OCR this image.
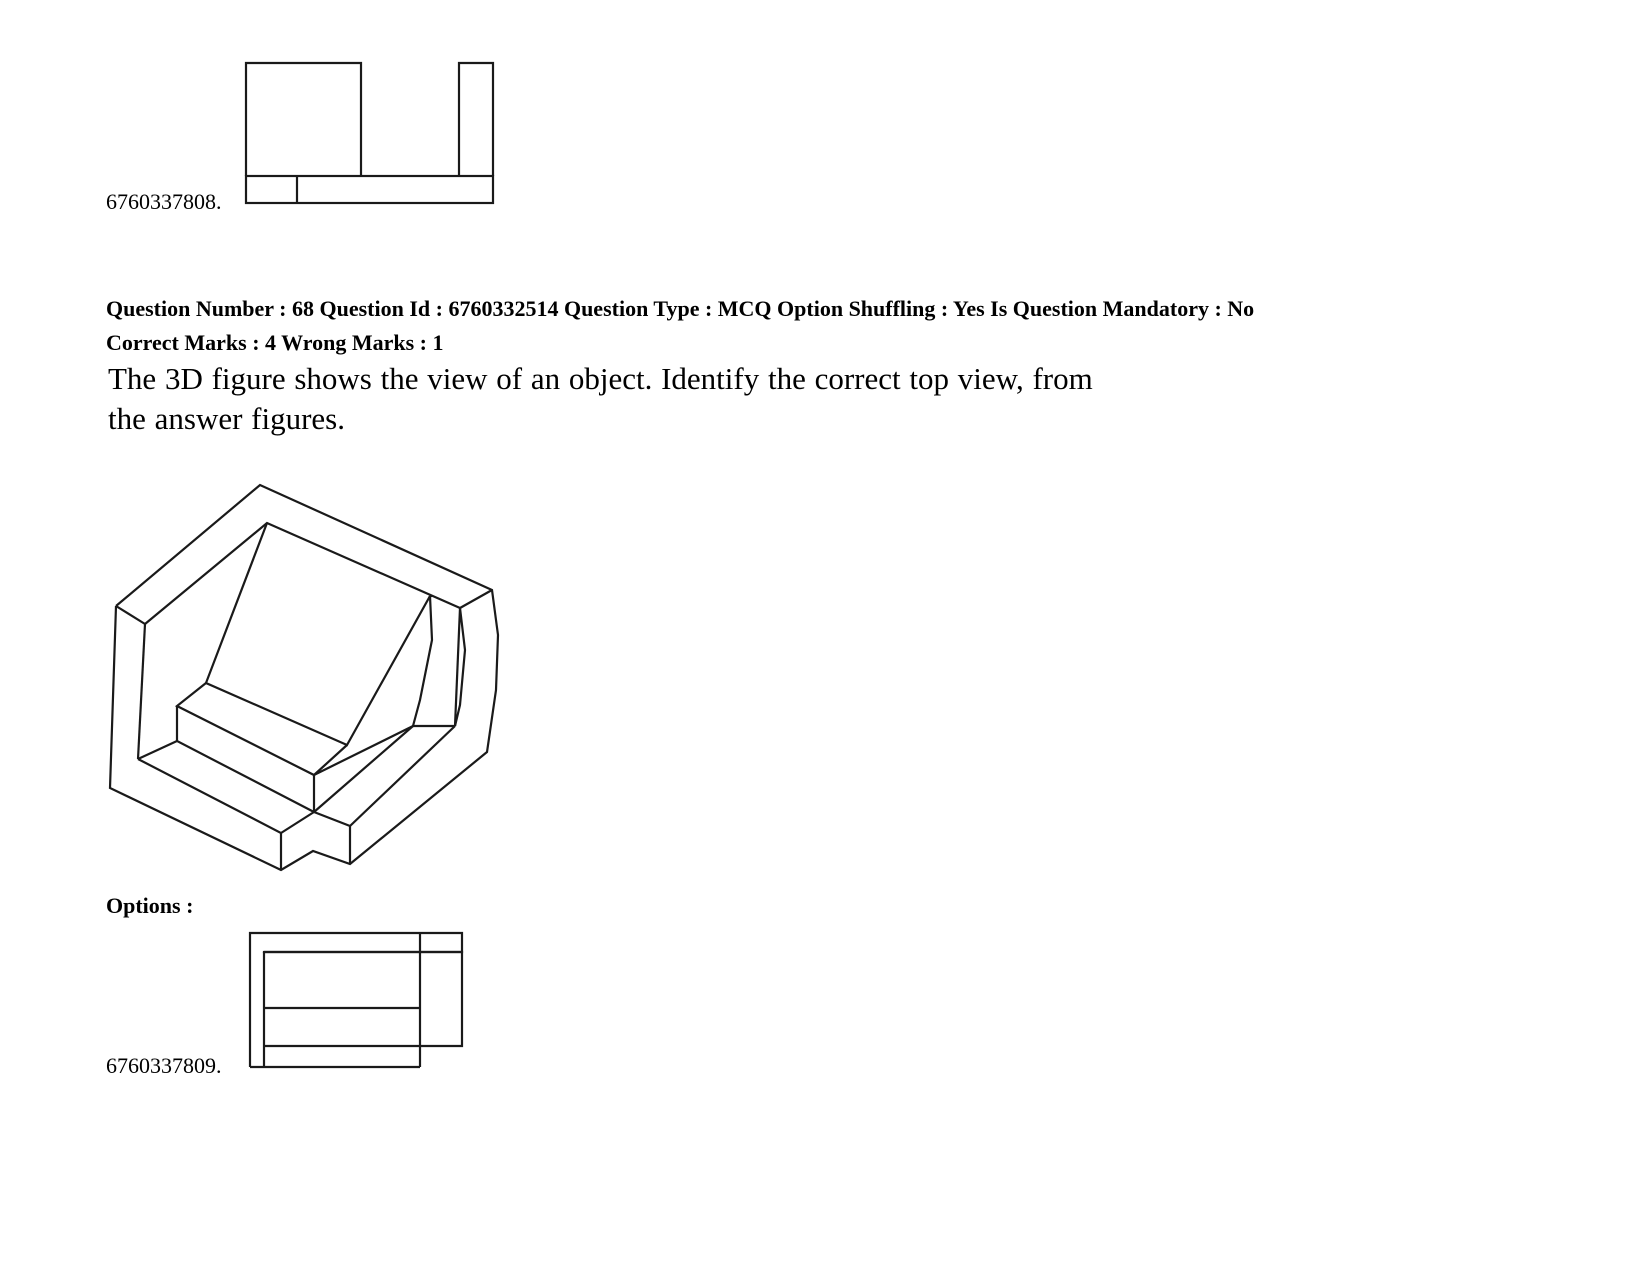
6760337808.
Question Number : 68 Question Id : 6760332514 Question Type : MCQ Option Shuffling : Yes Is Question Mandatory : No
Correct Marks : 4 Wrong Marks : 1
The 3D figure shows the view of an object. Identify the correct top view, from
the answer figures.
Options :
6760337809.
